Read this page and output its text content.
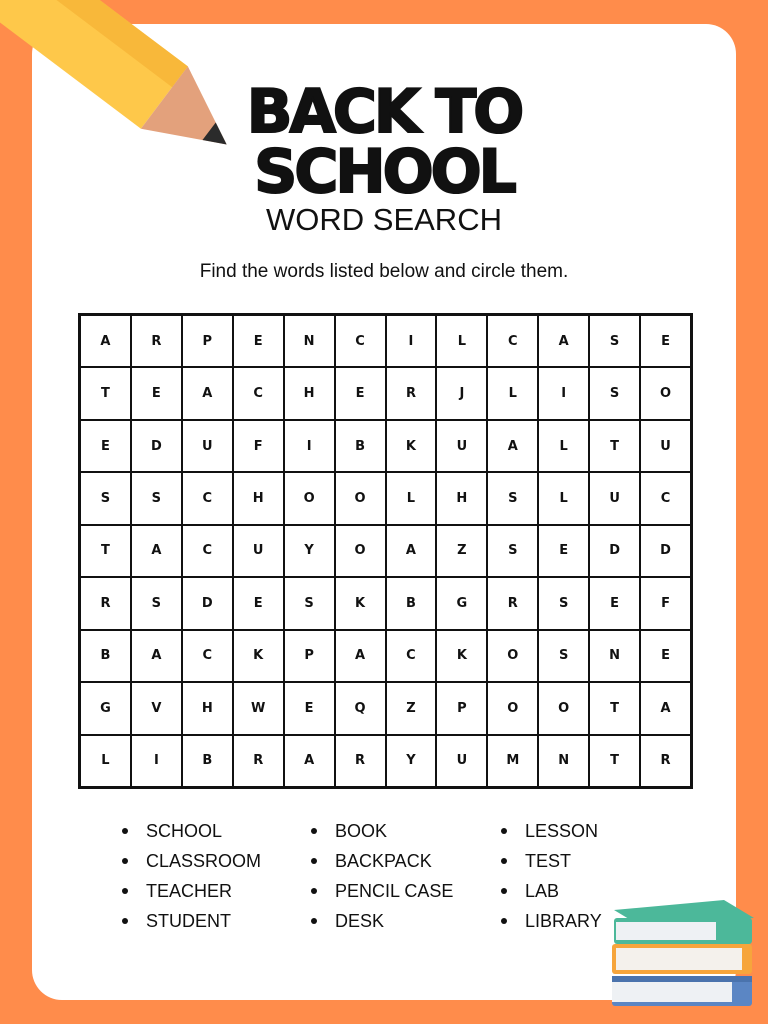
BACK TO
SCHOOL
WORD SEARCH
Find the words listed below and circle them.
A	R	P	E	N	C	I	L	C	A	S	E
T	E	A	C	H	E	R	J	L	I	S	O
E	D	U	F	I	B	K	U	A	L	T	U
S	S	C	H	O	O	L	H	S	L	U	C
T	A	C	U	Y	O	A	Z	S	E	D	D
R	S	D	E	S	K	B	G	R	S	E	F
B	A	C	K	P	A	C	K	O	S	N	E
G	V	H	W	E	Q	Z	P	O	O	T	A
L	I	B	R	A	R	Y	U	M	N	T	R
SCHOOL
CLASSROOM
TEACHER
STUDENT
BOOK
BACKPACK
PENCIL CASE
DESK
LESSON
TEST
LAB
LIBRARY
